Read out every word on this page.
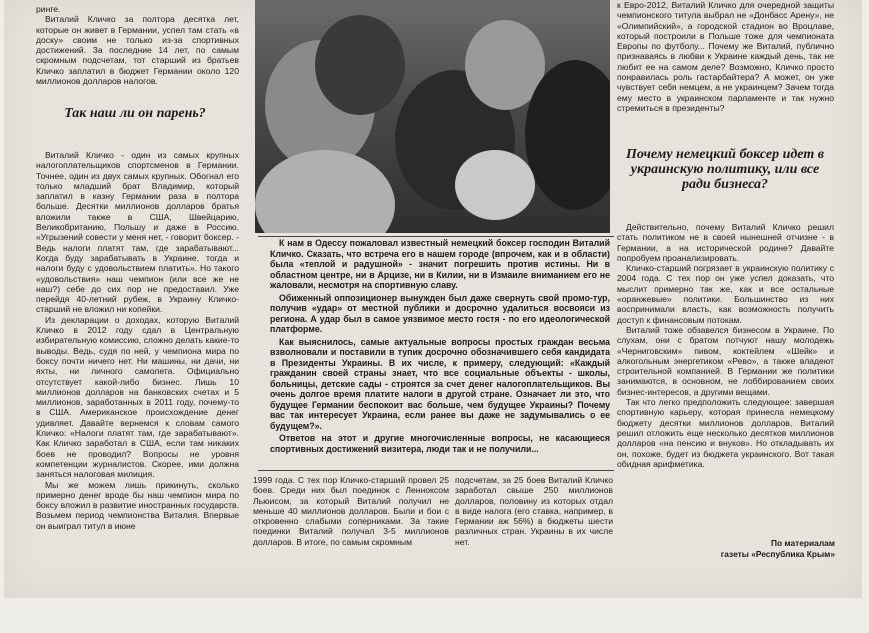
ринге.

Виталий Кличко за полтора десятка лет, которые он живет в Германии, успел там стать «в доску» своим не только из-за спортивных достижений. За последние 14 лет, по самым скромным подсчетам, тот старший из братьев Кличко заплатил в бюджет Германии около 120 миллионов долларов налогов.

Так наш ли он парень?

Виталий Кличко - один из самых крупных налогоплательщиков спортсменов в Германии. Точнее, один из двух самых крупных. Обогнал его только младший брат Владимир, который заплатил в казну Германии раза в полтора больше. Десятки миллионов долларов братья вложили также в США, Швейцарию, Великобританию, Польшу и даже в Россию. «Угрызений совести у меня нет, - говорит боксер. - Ведь налоги платят там, где зарабатывают... Когда буду зарабатывать в Украине, тогда и налоги буду с удовольствием платить». Но такого «удовольствия» наш чемпион (или все же не наш?) себе до сих пор не предоставил. Уже перейдя 40-летний рубеж, в Украину Кличко-старший не вложил ни копейки.

Из декларации о доходах, которую Виталий Кличко в 2012 году сдал в Центральную избирательную комиссию, сложно делать какие-то выводы. Ведь, судя по ней, у чемпиона мира по боксу почти ничего нет. Ни машины, ни дачи, ни яхты, ни личного самолета. Официально отсутствует какой-либо бизнес. Лишь 10 миллионов долларов на банковских счетах и 5 миллионов, заработанных в 2011 году, почему-то в США. Американское происхождение денег удивляет. Давайте вернемся к словам самого Кличко: «Налоги платят там, где зарабатывают». Как Кличко заработал в США, если там никаких боев не проводил? Вопросы не уровня компетенции журналистов. Скорее, ими должна заняться налоговая милиция.

Мы же можем лишь прикинуть, сколько примерно денег вроде бы наш чемпион мира по боксу вложил в развитие иностранных государств. Возьмем период чемпионства Виталия. Впервые он выиграл титул в июне

К нам в Одессу пожаловал известный немецкий боксер господин Виталий Кличко. Сказать, что встреча его в нашем городе (впрочем, как и в области) была «теплой и радушной» - значит погрешить против истины. Ни в областном центре, ни в Арцизе, ни в Килии, ни в Измаиле вниманием его не жаловали, несмотря на спортивную славу.

Обиженный оппозиционер вынужден был даже свернуть свой промо-тур, получив «удар» от местной публики и досрочно удалиться восвояси из региона. А удар был в самое уязвимое место гостя - по его идеологической платформе.

Как выяснилось, самые актуальные вопросы простых граждан весьма взволновали и поставили в тупик досрочно обозначившего себя кандидата в Президенты Украины. В их числе, к примеру, следующий: «Каждый гражданин своей страны знает, что все социальные объекты - школы, больницы, детские сады - строятся за счет денег налогоплательщиков. Вы очень долгое время платите налоги в другой стране. Означает ли это, что будущее Германии беспокоит вас больше, чем будущее Украины? Почему вас так интересует Украина, если ранее вы даже не задумывались о ее будущем?».

Ответов на этот и другие многочисленные вопросы, не касающиеся спортивных достижений визитера, люди так и не получили...

1999 года. С тех пор Кличко-старший провел 25 боев. Среди них был поединок с Ленноксом Льюисом, за который Виталий получил не меньше 40 миллионов долларов. Были и бои с откровенно слабыми соперниками. За такие поединки Виталий получал 3-5 миллионов долларов. В итоге, по самым скромным
подсчетам, за 25 боев Виталий Кличко заработал свыше 250 миллионов долларов, половину из которых отдал в виде налога (его ставка, например, в Германии аж 56%) в бюджеты шести различных стран. Украины в их числе нет.

к Евро-2012, Виталий Кличко для очередной защиты чемпионского титула выбрал не «Донбасс Арену», не «Олимпийский», а городской стадион во Вроцлаве, который построили в Польше тоже для чемпионата Европы по футболу... Почему же Виталий, публично признаваясь в любви к Украине каждый день, так не любит ее на самом деле? Возможно, Кличко просто понравилась роль гастарбайтера? А может, он уже чувствует себя немцем, а не украинцем? Зачем тогда ему место в украинском парламенте и так нужно стремиться в президенты?

Почему немецкий боксер идет в украинскую политику, или все ради бизнеса?

Действительно, почему Виталий Кличко решил стать политиком не в своей нынешней отчизне - в Германии, а на исторической родине? Давайте попробуем проанализировать.

Кличко-старший погрязает в украинскую политику с 2004 года. С тех пор он уже успел доказать, что мыслит примерно так же, как и все остальные «оранжевые» политики. Большинство из них воспринимали власть, как возможность получить доступ к финансовым потокам.

Виталий тоже обзавелся бизнесом в Украине. По слухам, они с братом потчуют нашу молодежь «Черниговским» пивом, коктейлем «Шейк» и алкогольным энергетиком «Ревo», а также владеют строительной компанией. В Германии же политики занимаются, в основном, не лоббированием своих бизнес-интересов, а другими вещами.

Так что легко предположить следующее: завершая спортивную карьеру, которая принесла немецкому бюджету десятки миллионов долларов, Виталий решил отложить еще несколько десятков миллионов долларов «на пенсию и внуков». Но откладывать их он, похоже, будет из бюджета украинского. Вот такая обидная арифметика.

По материалам
газеты «Республика Крым»
